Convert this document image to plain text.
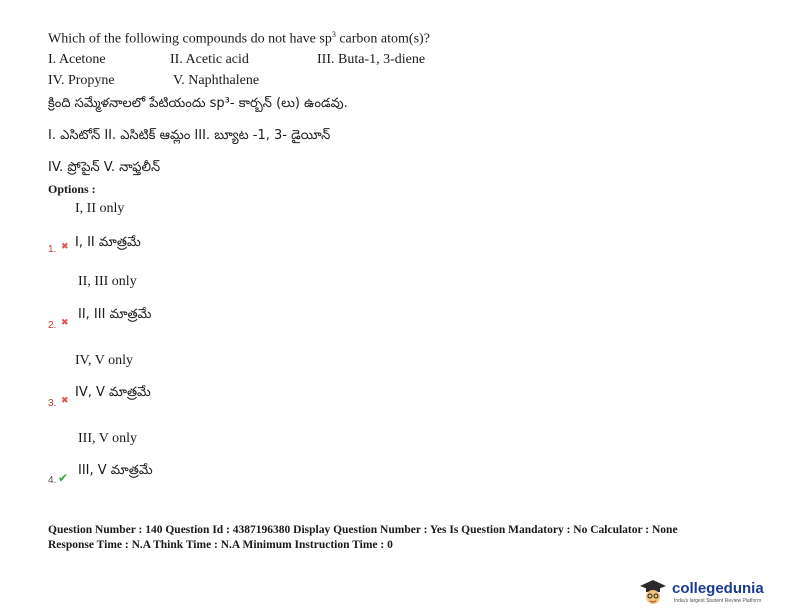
Which of the following compounds do not have $sp^3$ carbon atom(s)?
I. Acetone	II. Acetic acid	III. Buta-1, 3-diene
IV. Propyne	V. Naphthalene
క్రింది సమ్మేళనాలలో పేటియందు sp³- కార్బన్ (లు) ఉండవు.
I. ఎసిటోన్ II. ఎసిటిక్ ఆమ్లం III. బ్యూట -1, 3- డైయీన్
IV. ప్రోపైన్ V. నాఫ్తలీన్
Options :
I, II only
1. ✖ I, II మాత్రమే
II, III only
2. ✖
II, III మాత్రమే
IV, V only
3. ✖
IV, V మాత్రమే
III, V only
4. ✔ III, V మాత్రమే
Question Number : 140 Question Id : 4387196380 Display Question Number : Yes Is Question Mandatory : No Calculator : None
Response Time : N.A Think Time : N.A Minimum Instruction Time : 0
collegedunia
India's largest Student Review Platform
